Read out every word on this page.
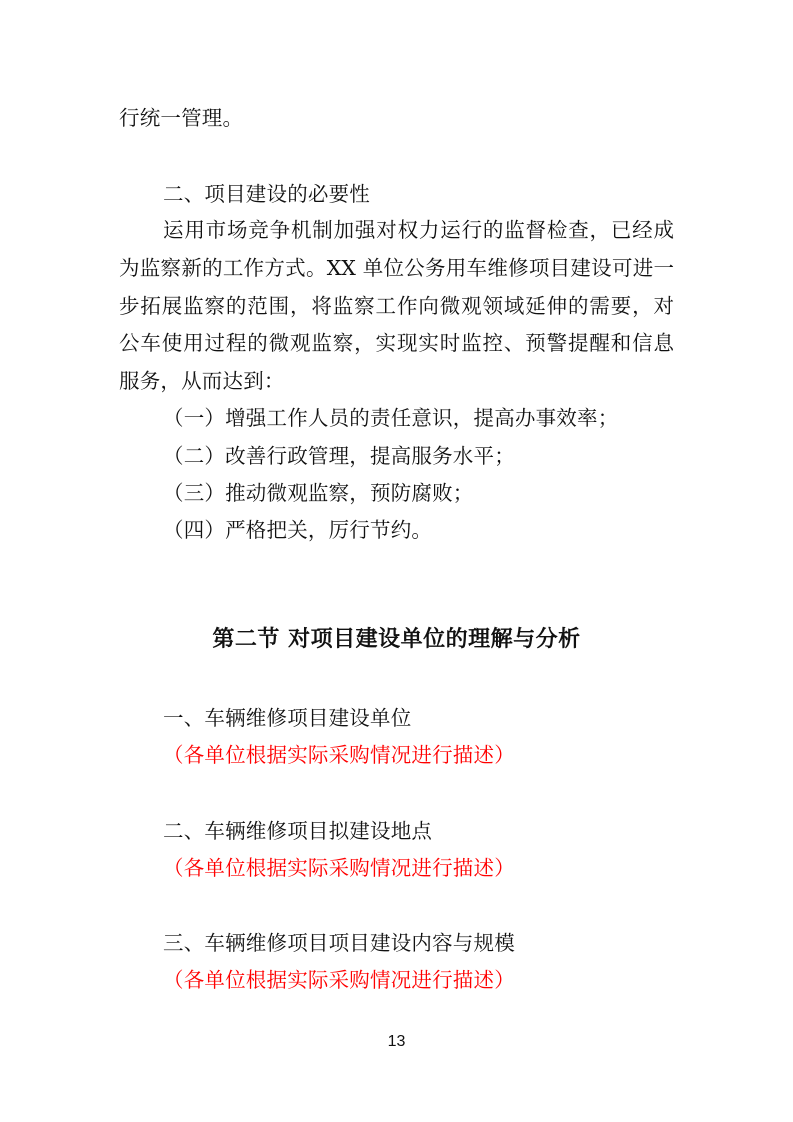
行统一管理。
二、项目建设的必要性
运用市场竞争机制加强对权力运行的监督检查，已经成
为监察新的工作方式。XX 单位公务用车维修项目建设可进一
步拓展监察的范围，将监察工作向微观领域延伸的需要，对
公车使用过程的微观监察，实现实时监控、预警提醒和信息
服务，从而达到：
（一）增强工作人员的责任意识，提高办事效率；
（二）改善行政管理，提高服务水平；
（三）推动微观监察，预防腐败；
（四）严格把关，厉行节约。
第二节 对项目建设单位的理解与分析
一、车辆维修项目建设单位
（各单位根据实际采购情况进行描述）
二、车辆维修项目拟建设地点
（各单位根据实际采购情况进行描述）
三、车辆维修项目项目建设内容与规模
（各单位根据实际采购情况进行描述）
13
